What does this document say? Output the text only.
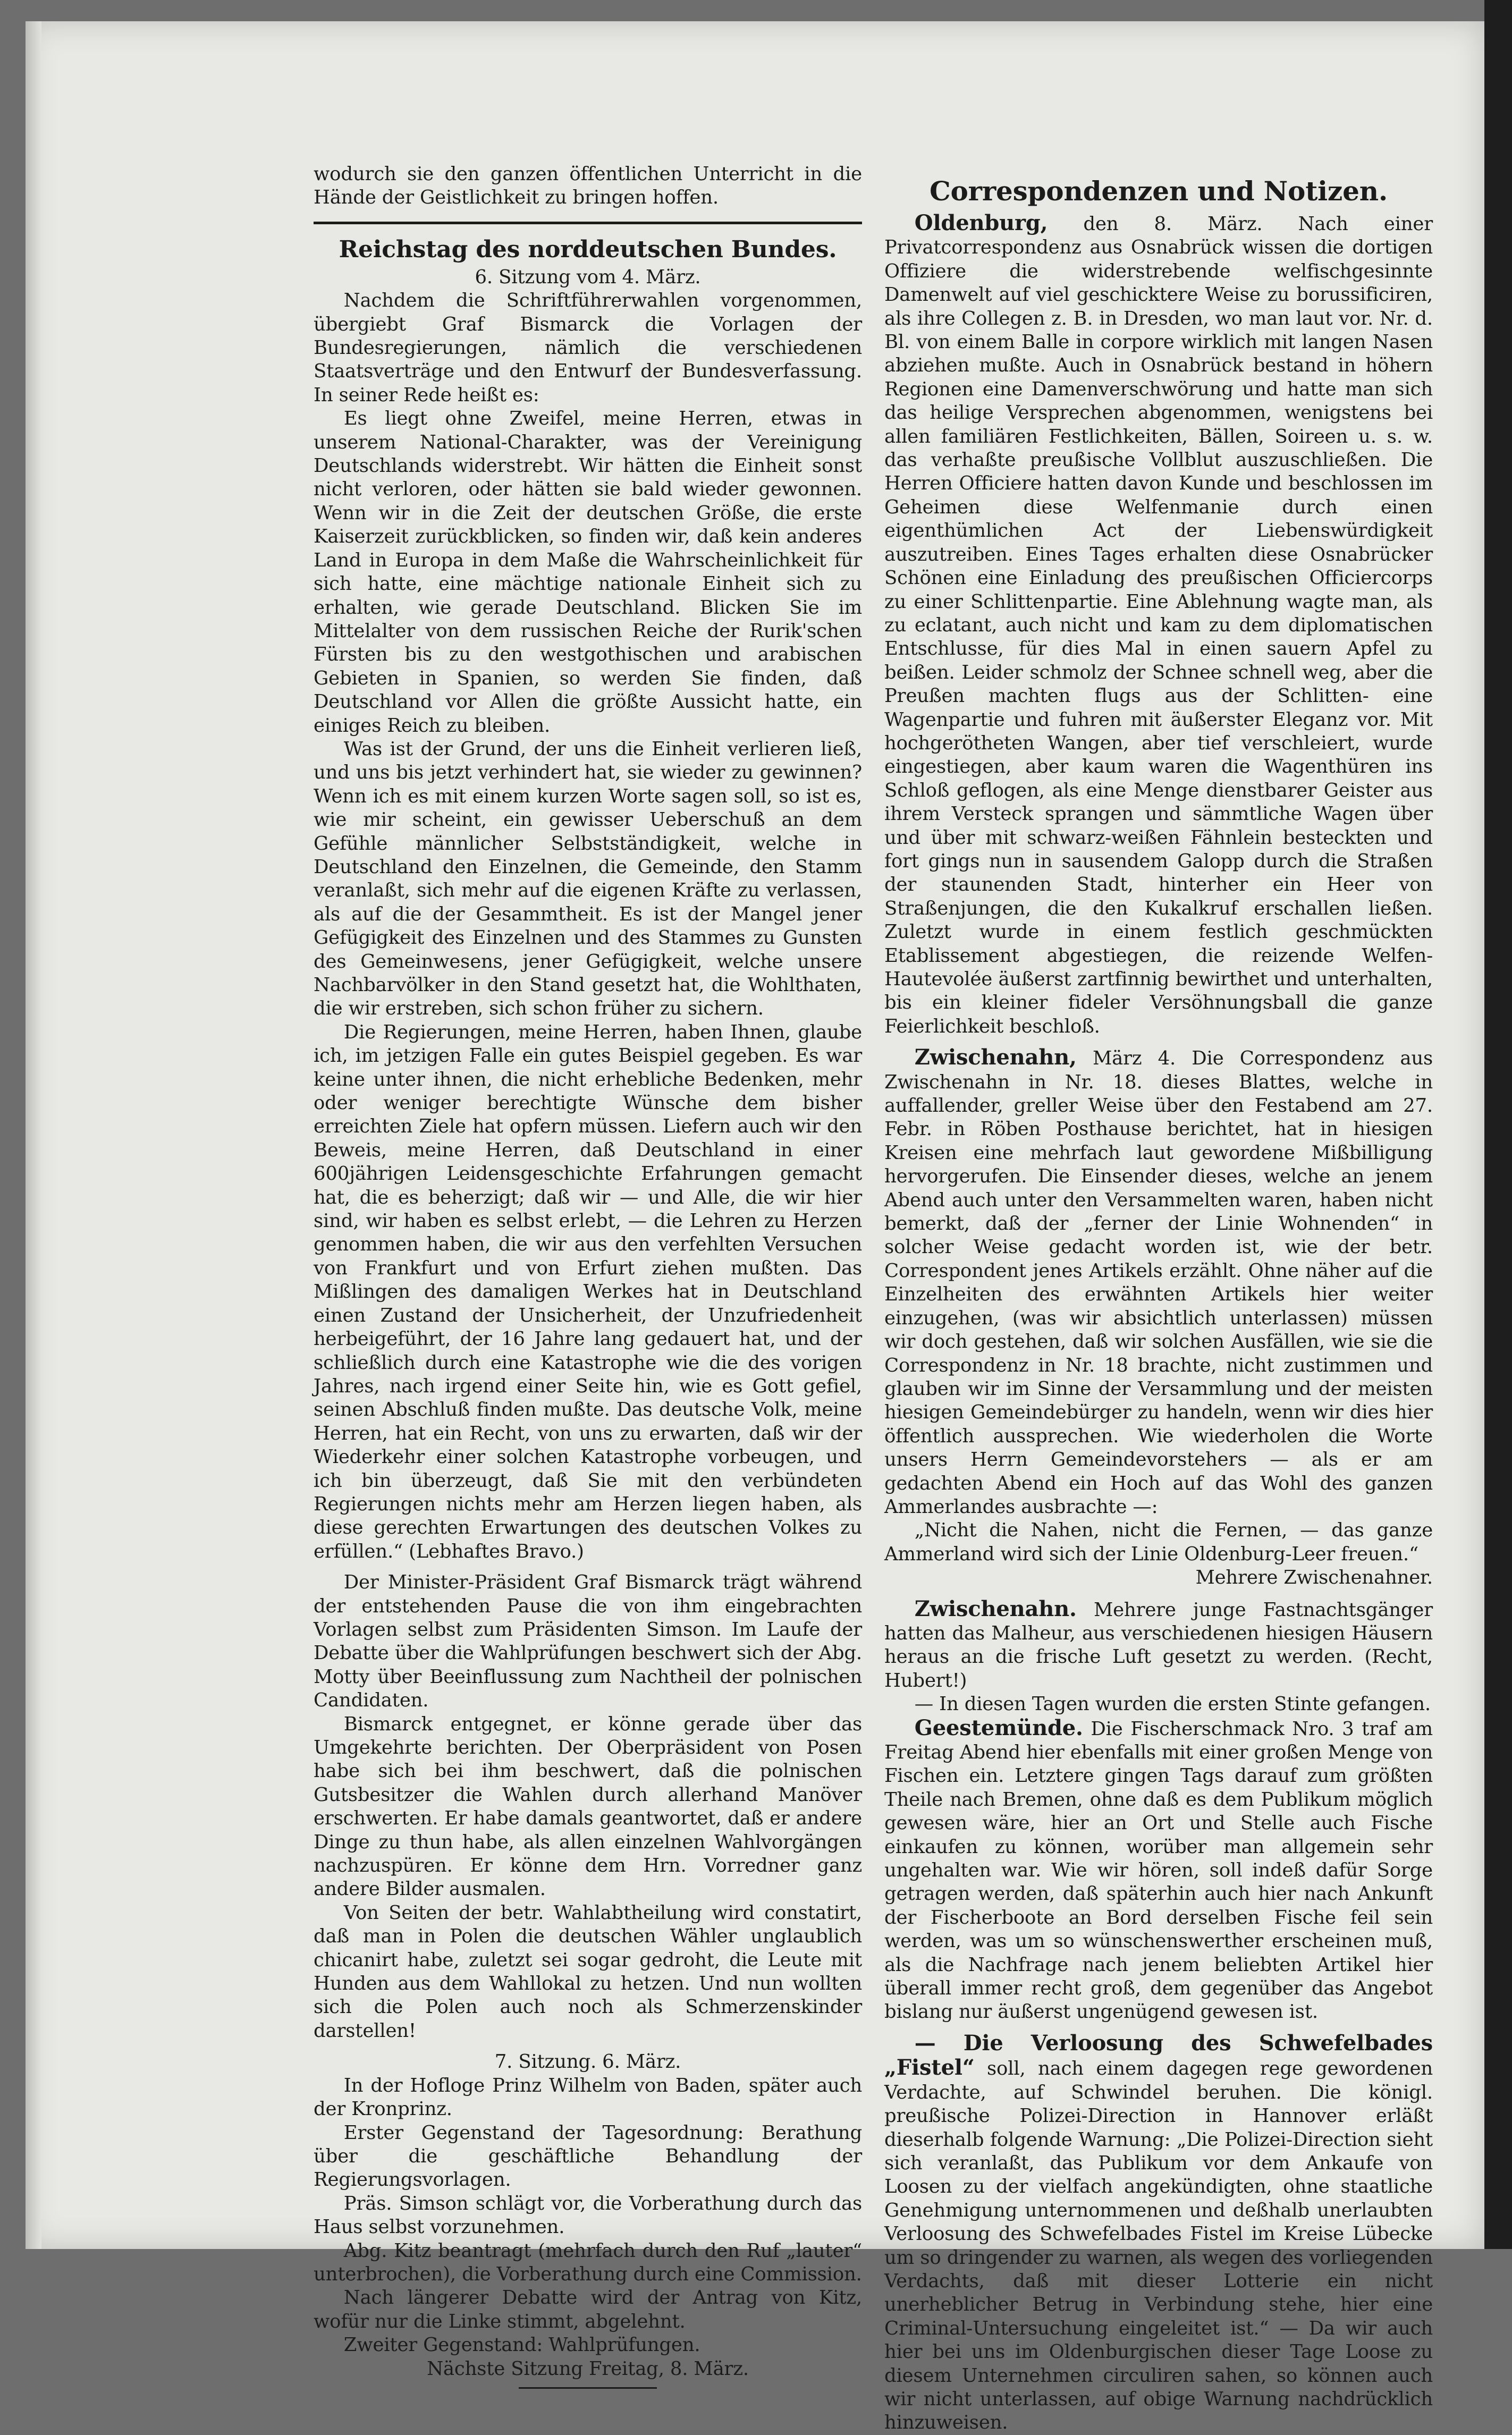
wodurch sie den ganzen öffentlichen Unterricht in die Hände der Geistlichkeit zu bringen hoffen.

Reichstag des norddeutschen Bundes.

6. Sitzung vom 4. März.

Nachdem die Schriftführerwahlen vorgenommen, übergiebt Graf Bismarck die Vorlagen der Bundesregierungen, nämlich die verschiedenen Staatsverträge und den Entwurf der Bundesverfassung. In seiner Rede heißt es:

Es liegt ohne Zweifel, meine Herren, etwas in unserem National-Charakter, was der Vereinigung Deutschlands widerstrebt. Wir hätten die Einheit sonst nicht verloren, oder hätten sie bald wieder gewonnen. Wenn wir in die Zeit der deutschen Größe, die erste Kaiserzeit zurückblicken, so finden wir, daß kein anderes Land in Europa in dem Maße die Wahrscheinlichkeit für sich hatte, eine mächtige nationale Einheit sich zu erhalten, wie gerade Deutschland. Blicken Sie im Mittelalter von dem russischen Reiche der Rurik'schen Fürsten bis zu den westgothischen und arabischen Gebieten in Spanien, so werden Sie finden, daß Deutschland vor Allen die größte Aussicht hatte, ein einiges Reich zu bleiben.

Was ist der Grund, der uns die Einheit verlieren ließ, und uns bis jetzt verhindert hat, sie wieder zu gewinnen? Wenn ich es mit einem kurzen Worte sagen soll, so ist es, wie mir scheint, ein gewisser Ueberschuß an dem Gefühle männlicher Selbstständigkeit, welche in Deutschland den Einzelnen, die Gemeinde, den Stamm veranlaßt, sich mehr auf die eigenen Kräfte zu verlassen, als auf die der Gesammtheit. Es ist der Mangel jener Gefügigkeit des Einzelnen und des Stammes zu Gunsten des Gemeinwesens, jener Gefügigkeit, welche unsere Nachbarvölker in den Stand gesetzt hat, die Wohlthaten, die wir erstreben, sich schon früher zu sichern.

Die Regierungen, meine Herren, haben Ihnen, glaube ich, im jetzigen Falle ein gutes Beispiel gegeben. Es war keine unter ihnen, die nicht erhebliche Bedenken, mehr oder weniger berechtigte Wünsche dem bisher erreichten Ziele hat opfern müssen. Liefern auch wir den Beweis, meine Herren, daß Deutschland in einer 600jährigen Leidensgeschichte Erfahrungen gemacht hat, die es beherzigt; daß wir — und Alle, die wir hier sind, wir haben es selbst erlebt, — die Lehren zu Herzen genommen haben, die wir aus den verfehlten Versuchen von Frankfurt und von Erfurt ziehen mußten. Das Mißlingen des damaligen Werkes hat in Deutschland einen Zustand der Unsicherheit, der Unzufriedenheit herbeigeführt, der 16 Jahre lang gedauert hat, und der schließlich durch eine Katastrophe wie die des vorigen Jahres, nach irgend einer Seite hin, wie es Gott gefiel, seinen Abschluß finden mußte. Das deutsche Volk, meine Herren, hat ein Recht, von uns zu erwarten, daß wir der Wiederkehr einer solchen Katastrophe vorbeugen, und ich bin überzeugt, daß Sie mit den verbündeten Regierungen nichts mehr am Herzen liegen haben, als diese gerechten Erwartungen des deutschen Volkes zu erfüllen.“ (Lebhaftes Bravo.)

Der Minister-Präsident Graf Bismarck trägt während der entstehenden Pause die von ihm eingebrachten Vorlagen selbst zum Präsidenten Simson. Im Laufe der Debatte über die Wahlprüfungen beschwert sich der Abg. Motty über Beeinflussung zum Nachtheil der polnischen Candidaten.

Bismarck entgegnet, er könne gerade über das Umgekehrte berichten. Der Oberpräsident von Posen habe sich bei ihm beschwert, daß die polnischen Gutsbesitzer die Wahlen durch allerhand Manöver erschwerten. Er habe damals geantwortet, daß er andere Dinge zu thun habe, als allen einzelnen Wahlvorgängen nachzuspüren. Er könne dem Hrn. Vorredner ganz andere Bilder ausmalen.

Von Seiten der betr. Wahlabtheilung wird constatirt, daß man in Polen die deutschen Wähler unglaublich chicanirt habe, zuletzt sei sogar gedroht, die Leute mit Hunden aus dem Wahllokal zu hetzen. Und nun wollten sich die Polen auch noch als Schmerzenskinder darstellen!

7. Sitzung. 6. März.

In der Hofloge Prinz Wilhelm von Baden, später auch der Kronprinz.

Erster Gegenstand der Tagesordnung: Berathung über die geschäftliche Behandlung der Regierungsvorlagen.

Präs. Simson schlägt vor, die Vorberathung durch das Haus selbst vorzunehmen.

Abg. Kitz beantragt (mehrfach durch den Ruf „lauter“ unterbrochen), die Vorberathung durch eine Commission.

Nach längerer Debatte wird der Antrag von Kitz, wofür nur die Linke stimmt, abgelehnt.

Zweiter Gegenstand: Wahlprüfungen.

Nächste Sitzung Freitag, 8. März.

Correspondenzen und Notizen.

Oldenburg, den 8. März. Nach einer Privatcorrespondenz aus Osnabrück wissen die dortigen Offiziere die widerstrebende welfischgesinnte Damenwelt auf viel geschicktere Weise zu borussificiren, als ihre Collegen z. B. in Dresden, wo man laut vor. Nr. d. Bl. von einem Balle in corpore wirklich mit langen Nasen abziehen mußte. Auch in Osnabrück bestand in höhern Regionen eine Damenverschwörung und hatte man sich das heilige Versprechen abgenommen, wenigstens bei allen familiären Festlichkeiten, Bällen, Soireen u. s. w. das verhaßte preußische Vollblut auszuschließen. Die Herren Officiere hatten davon Kunde und beschlossen im Geheimen diese Welfenmanie durch einen eigenthümlichen Act der Liebenswürdigkeit auszutreiben. Eines Tages erhalten diese Osnabrücker Schönen eine Einladung des preußischen Officiercorps zu einer Schlittenpartie. Eine Ablehnung wagte man, als zu eclatant, auch nicht und kam zu dem diplomatischen Entschlusse, für dies Mal in einen sauern Apfel zu beißen. Leider schmolz der Schnee schnell weg, aber die Preußen machten flugs aus der Schlitten- eine Wagenpartie und fuhren mit äußerster Eleganz vor. Mit hochgerötheten Wangen, aber tief verschleiert, wurde eingestiegen, aber kaum waren die Wagenthüren ins Schloß geflogen, als eine Menge dienstbarer Geister aus ihrem Versteck sprangen und sämmtliche Wagen über und über mit schwarz-weißen Fähnlein besteckten und fort gings nun in sausendem Galopp durch die Straßen der staunenden Stadt, hinterher ein Heer von Straßenjungen, die den Kukalkruf erschallen ließen. Zuletzt wurde in einem festlich geschmückten Etablissement abgestiegen, die reizende Welfen-Hautevolée äußerst zartfinnig bewirthet und unterhalten, bis ein kleiner fideler Versöhnungsball die ganze Feierlichkeit beschloß.

Zwischenahn, März 4. Die Correspondenz aus Zwischenahn in Nr. 18. dieses Blattes, welche in auffallender, greller Weise über den Festabend am 27. Febr. in Röben Posthause berichtet, hat in hiesigen Kreisen eine mehrfach laut gewordene Mißbilligung hervorgerufen. Die Einsender dieses, welche an jenem Abend auch unter den Versammelten waren, haben nicht bemerkt, daß der „ferner der Linie Wohnenden“ in solcher Weise gedacht worden ist, wie der betr. Correspondent jenes Artikels erzählt. Ohne näher auf die Einzelheiten des erwähnten Artikels hier weiter einzugehen, (was wir absichtlich unterlassen) müssen wir doch gestehen, daß wir solchen Ausfällen, wie sie die Correspondenz in Nr. 18 brachte, nicht zustimmen und glauben wir im Sinne der Versammlung und der meisten hiesigen Gemeindebürger zu handeln, wenn wir dies hier öffentlich aussprechen. Wie wiederholen die Worte unsers Herrn Gemeindevorstehers — als er am gedachten Abend ein Hoch auf das Wohl des ganzen Ammerlandes ausbrachte —:

„Nicht die Nahen, nicht die Fernen, — das ganze Ammerland wird sich der Linie Oldenburg-Leer freuen.“

Mehrere Zwischenahner.

Zwischenahn. Mehrere junge Fastnachtsgänger hatten das Malheur, aus verschiedenen hiesigen Häusern heraus an die frische Luft gesetzt zu werden. (Recht, Hubert!)

— In diesen Tagen wurden die ersten Stinte gefangen.

Geestemünde. Die Fischerschmack Nro. 3 traf am Freitag Abend hier ebenfalls mit einer großen Menge von Fischen ein. Letztere gingen Tags darauf zum größten Theile nach Bremen, ohne daß es dem Publikum möglich gewesen wäre, hier an Ort und Stelle auch Fische einkaufen zu können, worüber man allgemein sehr ungehalten war. Wie wir hören, soll indeß dafür Sorge getragen werden, daß späterhin auch hier nach Ankunft der Fischerboote an Bord derselben Fische feil sein werden, was um so wünschenswerther erscheinen muß, als die Nachfrage nach jenem beliebten Artikel hier überall immer recht groß, dem gegenüber das Angebot bislang nur äußerst ungenügend gewesen ist.

— Die Verloosung des Schwefelbades „Fistel“ soll, nach einem dagegen rege gewordenen Verdachte, auf Schwindel beruhen. Die königl. preußische Polizei-Direction in Hannover erläßt dieserhalb folgende Warnung: „Die Polizei-Direction sieht sich veranlaßt, das Publikum vor dem Ankaufe von Loosen zu der vielfach angekündigten, ohne staatliche Genehmigung unternommenen und deßhalb unerlaubten Verloosung des Schwefelbades Fistel im Kreise Lübecke um so dringender zu warnen, als wegen des vorliegenden Verdachts, daß mit dieser Lotterie ein nicht unerheblicher Betrug in Verbindung stehe, hier eine Criminal-Untersuchung eingeleitet ist.“ — Da wir auch hier bei uns im Oldenburgischen dieser Tage Loose zu diesem Unternehmen circuliren sahen, so können auch wir nicht unterlassen, auf obige Warnung nachdrücklich hinzuweisen.
